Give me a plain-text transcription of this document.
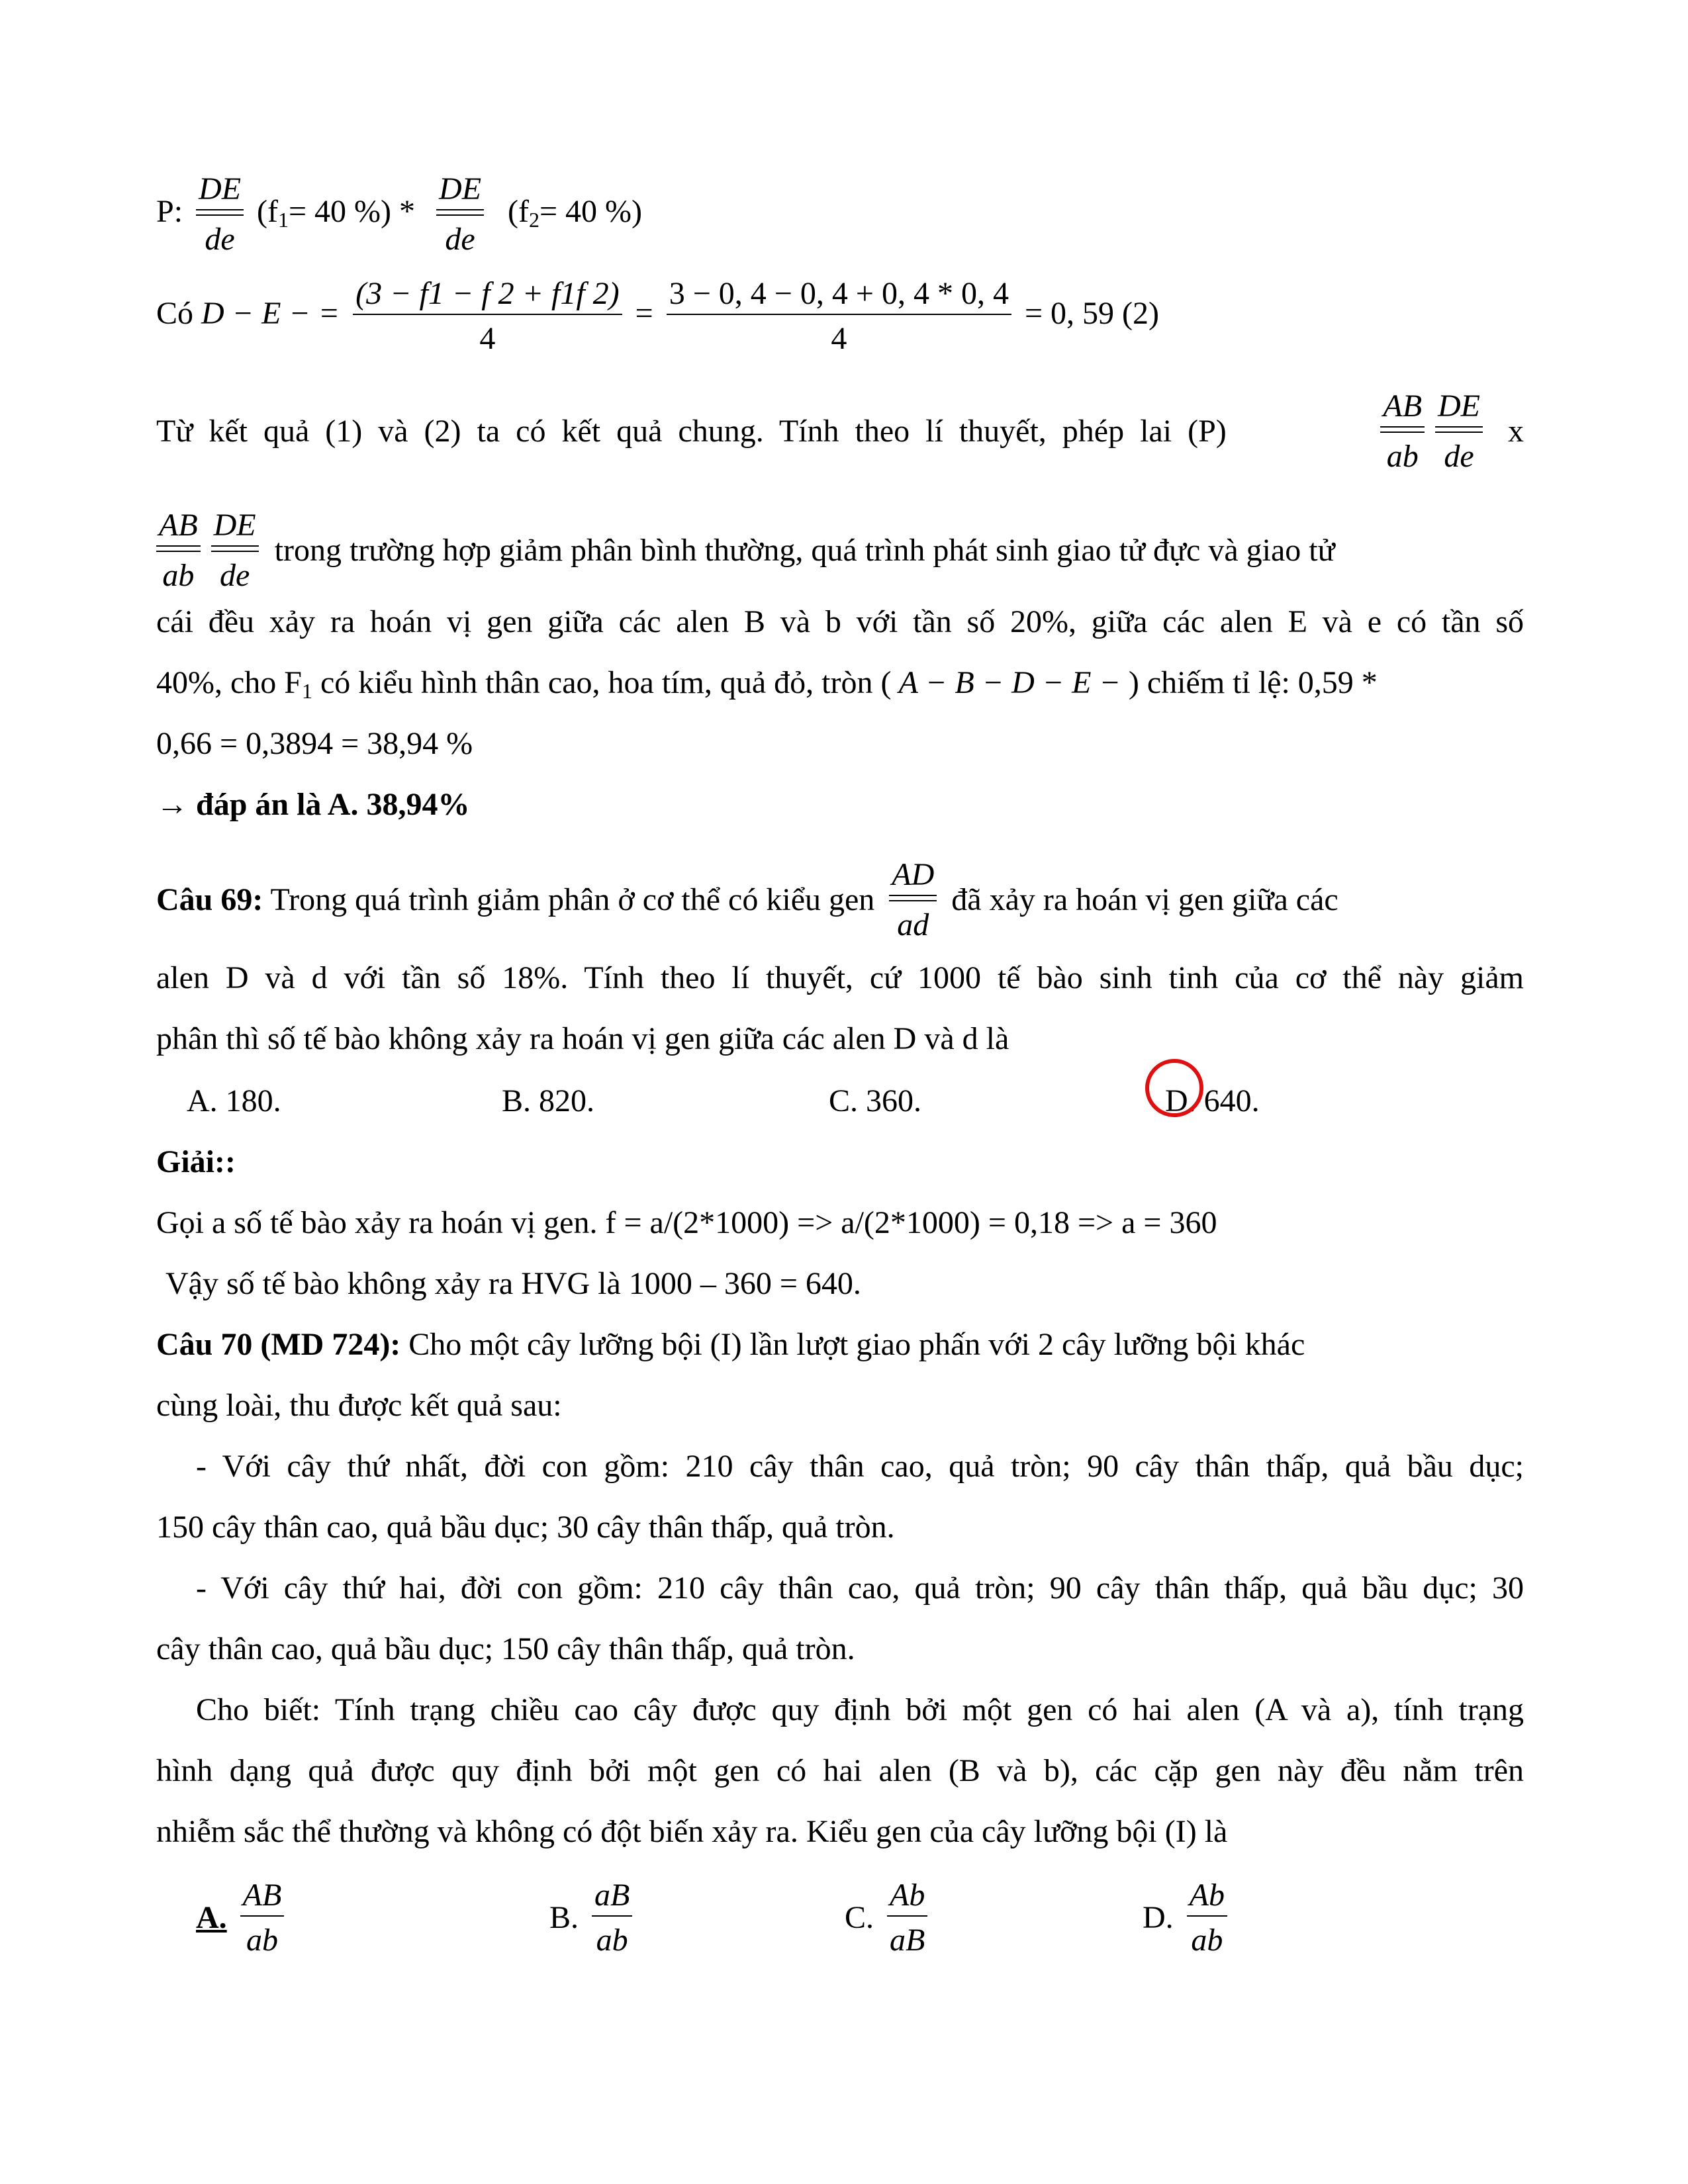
P:
DE
de
($f_1= 40$ %) *
DE
de
($f_2= 40$ %)
Có D − E − = $\frac{(3 - f1 - f 2 + f1f 2)}{4} = \frac{3 - 0, 4 - 0, 4 + 0, 4 * 0, 4}{4} = 0$, 59 (2)
Từ kết quả (1) và (2) ta có kết quả chung. Tính theo lí thuyết, phép lai (P)
AB
ab
DE
de
x
AB
ab
DE
de
trong trường hợp giảm phân bình thường, quá trình phát sinh giao tử đực và giao tử
cái đều xảy ra hoán vị gen giữa các alen B và b với tần số 20%, giữa các alen E và e có tần số
40%, cho $F_1$ có kiểu hình thân cao, hoa tím, quả đỏ, tròn ( A − B − D − E − ) chiếm tỉ lệ: 0,59 *
0,66 = 0,3894 = 38,94 %
→ đáp án là A. 38,94%
Câu 69: Trong quá trình giảm phân ở cơ thể có kiểu gen
AD
ad
đã xảy ra hoán vị gen giữa các
alen D và d với tần số 18%. Tính theo lí thuyết, cứ 1000 tế bào sinh tinh của cơ thể này giảm
phân thì số tế bào không xảy ra hoán vị gen giữa các alen D và d là
A. 180.	B. 820.	C. 360.	D. 640.
Giải::
Gọi a số tế bào xảy ra hoán vị gen. f = a/(2*1000) => a/(2*1000) = 0,18 => a = 360
Vậy số tế bào không xảy ra HVG là 1000 – 360 = 640.
Câu 70 (MD 724): Cho một cây lưỡng bội (I) lần lượt giao phấn với 2 cây lưỡng bội khác
cùng loài, thu được kết quả sau:
- Với cây thứ nhất, đời con gồm: 210 cây thân cao, quả tròn; 90 cây thân thấp, quả bầu dục;
150 cây thân cao, quả bầu dục; 30 cây thân thấp, quả tròn.
- Với cây thứ hai, đời con gồm: 210 cây thân cao, quả tròn; 90 cây thân thấp, quả bầu dục; 30
cây thân cao, quả bầu dục; 150 cây thân thấp, quả tròn.
Cho biết: Tính trạng chiều cao cây được quy định bởi một gen có hai alen (A và a), tính trạng
hình dạng quả được quy định bởi một gen có hai alen (B và b), các cặp gen này đều nằm trên
nhiễm sắc thể thường và không có đột biến xảy ra. Kiểu gen của cây lưỡng bội (I) là
A. $\frac{AB}{ab}$	B. $\frac{aB}{ab}$	C. $\frac{Ab}{aB}$	D. $\frac{Ab}{ab}$
